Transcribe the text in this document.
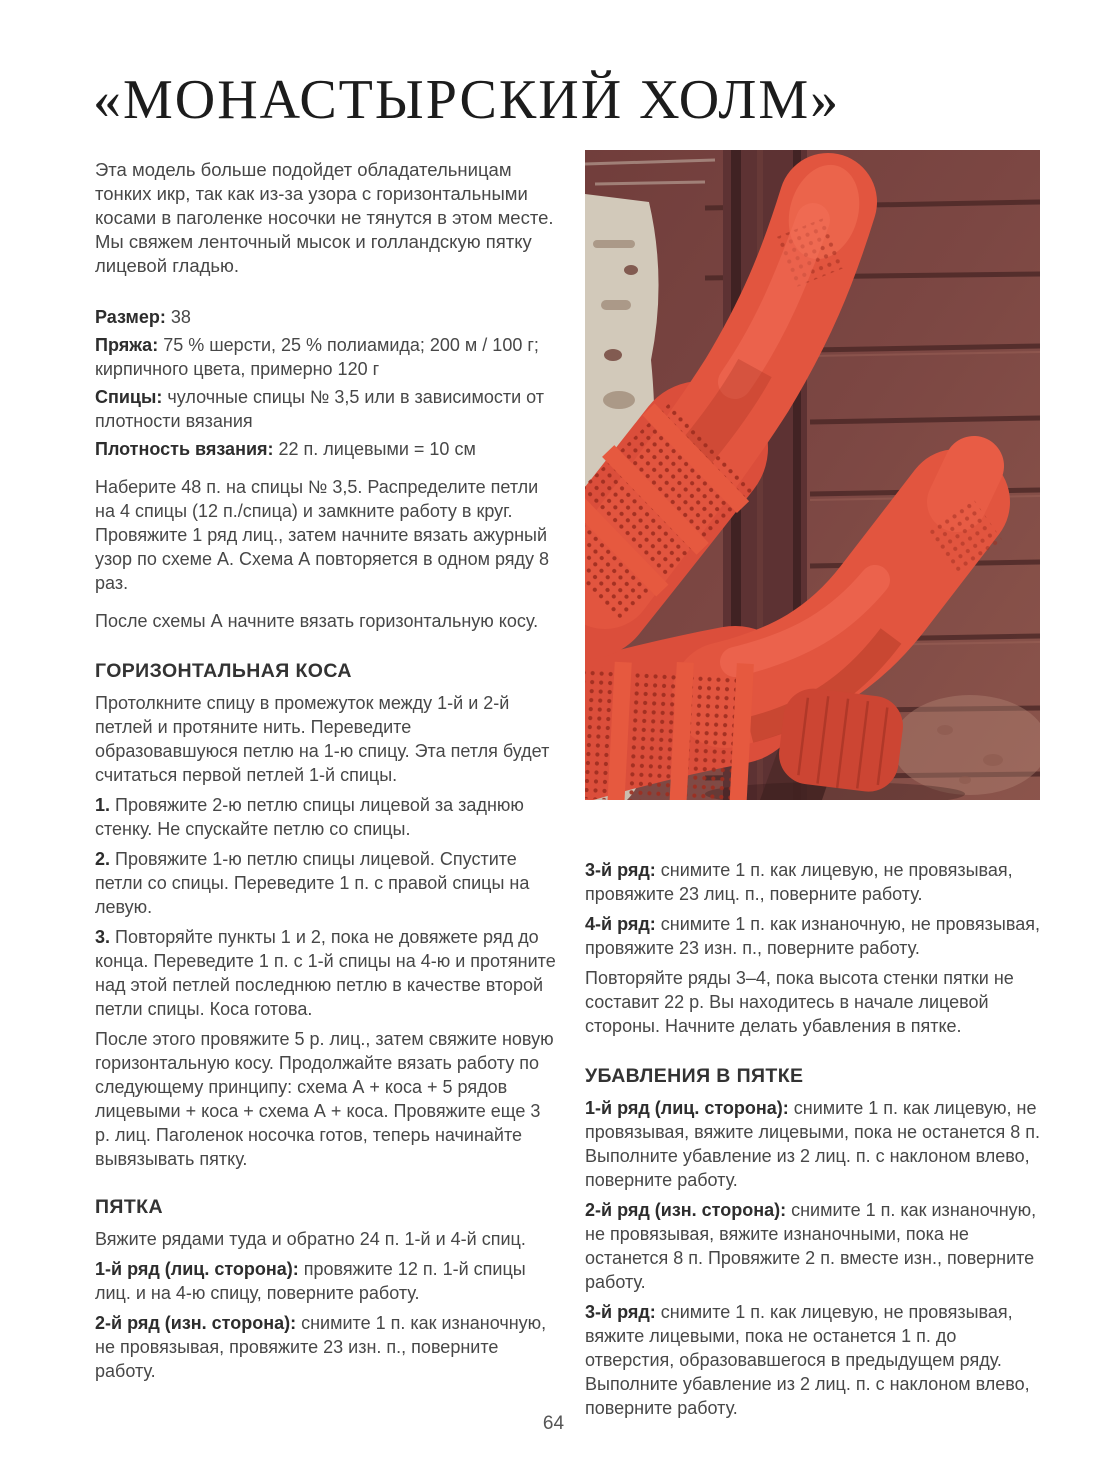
«МОНАСТЫРСКИЙ ХОЛМ»

Эта модель больше подойдет обладательницам тонких икр, так как из-за узора с горизонтальными косами в паголенке носочки не тянутся в этом месте. Мы свяжем ленточный мысок и голландскую пятку лицевой гладью.

Размер: 38

Пряжа: 75 % шерсти, 25 % полиамида; 200 м / 100 г; кирпичного цвета, примерно 120 г

Спицы: чулочные спицы № 3,5 или в зависимости от плотности вязания

Плотность вязания: 22 п. лицевыми = 10 см

Наберите 48 п. на спицы № 3,5. Распределите петли на 4 спицы (12 п./спица) и замкните работу в круг. Провяжите 1 ряд лиц., затем начните вязать ажурный узор по схеме А. Схема А повторяется в одном ряду 8 раз.

После схемы А начните вязать горизонтальную косу.

ГОРИЗОНТАЛЬНАЯ КОСА

Протолкните спицу в промежуток между 1-й и 2-й петлей и протяните нить. Переведите образовавшуюся петлю на 1-ю спицу. Эта петля будет считаться первой петлей 1-й спицы.

1. Провяжите 2-ю петлю спицы лицевой за заднюю стенку. Не спускайте петлю со спицы.

2. Провяжите 1-ю петлю спицы лицевой. Спустите петли со спицы. Переведите 1 п. с правой спицы на левую.

3. Повторяйте пункты 1 и 2, пока не довяжете ряд до конца. Переведите 1 п. с 1-й спицы на 4-ю и протяните над этой петлей последнюю петлю в качестве второй петли спицы. Коса готова.

После этого провяжите 5 р. лиц., затем свяжите новую горизонтальную косу. Продолжайте вязать работу по следующему принципу: схема А + коса + 5 рядов лицевыми + коса + схема А + коса. Провяжите еще 3 р. лиц. Паголенок носочка готов, теперь начинайте вывязывать пятку.

ПЯТКА

Вяжите рядами туда и обратно 24 п. 1-й и 4-й спиц.

1-й ряд (лиц. сторона): провяжите 12 п. 1-й спицы лиц. и на 4-ю спицу, поверните работу.

2-й ряд (изн. сторона): снимите 1 п. как изнаночную, не провязывая, провяжите 23 изн. п., поверните работу.

3-й ряд: снимите 1 п. как лицевую, не провязывая, провяжите 23 лиц. п., поверните работу.

4-й ряд: снимите 1 п. как изнаночную, не провязывая, провяжите 23 изн. п., поверните работу.

Повторяйте ряды 3–4, пока высота стенки пятки не составит 22 р. Вы находитесь в начале лицевой стороны. Начните делать убавления в пятке.

УБАВЛЕНИЯ В ПЯТКЕ

1-й ряд (лиц. сторона): снимите 1 п. как лицевую, не провязывая, вяжите лицевыми, пока не останется 8 п. Выполните убавление из 2 лиц. п. с наклоном влево, поверните работу.

2-й ряд (изн. сторона): снимите 1 п. как изнаночную, не провязывая, вяжите изнаночными, пока не останется 8 п. Провяжите 2 п. вместе изн., поверните работу.

3-й ряд: снимите 1 п. как лицевую, не провязывая, вяжите лицевыми, пока не останется 1 п. до отверстия, образовавшегося в предыдущем ряду. Выполните убавление из 2 лиц. п. с наклоном влево, поверните работу.

64
